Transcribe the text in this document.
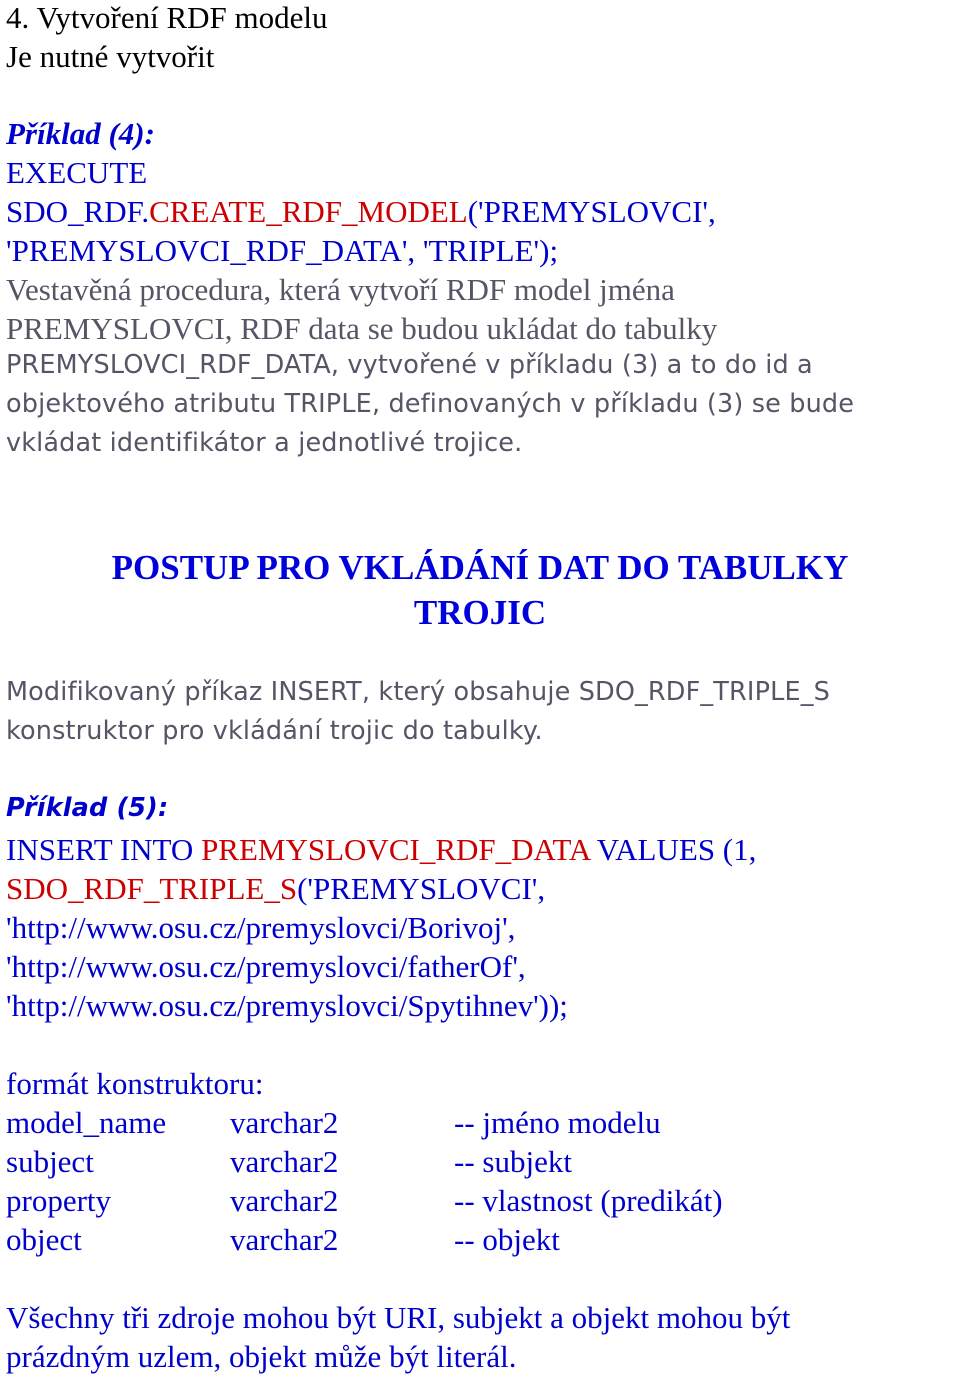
4. Vytvoření RDF modelu
Je nutné vytvořit
Příklad (4):
EXECUTE
SDO_RDF.CREATE_RDF_MODEL('PREMYSLOVCI',
'PREMYSLOVCI_RDF_DATA', 'TRIPLE');
Vestavěná procedura, která vytvoří RDF model jména
PREMYSLOVCI, RDF data se budou ukládat do tabulky
PREMYSLOVCI_RDF_DATA, vytvořené v příkladu (3) a to do id a
objektového atributu TRIPLE, definovaných v příkladu (3) se bude
vkládat identifikátor a jednotlivé trojice.
POSTUP PRO VKLÁDÁNÍ DAT DO TABULKY
TROJIC
Modifikovaný příkaz INSERT, který obsahuje SDO_RDF_TRIPLE_S
konstruktor pro vkládání trojic do tabulky.
Příklad (5):
INSERT INTO PREMYSLOVCI_RDF_DATA VALUES (1,
SDO_RDF_TRIPLE_S('PREMYSLOVCI',
'http://www.osu.cz/premyslovci/Borivoj',
'http://www.osu.cz/premyslovci/fatherOf',
'http://www.osu.cz/premyslovci/Spytihnev'));
formát konstruktoru:
model_name varchar2	-- jméno modelu
subject	varchar2	-- subjekt
property	varchar2	-- vlastnost (predikát)
object	varchar2	-- objekt
Všechny tři zdroje mohou být URI, subjekt a objekt mohou být
prázdným uzlem, objekt může být literál.
